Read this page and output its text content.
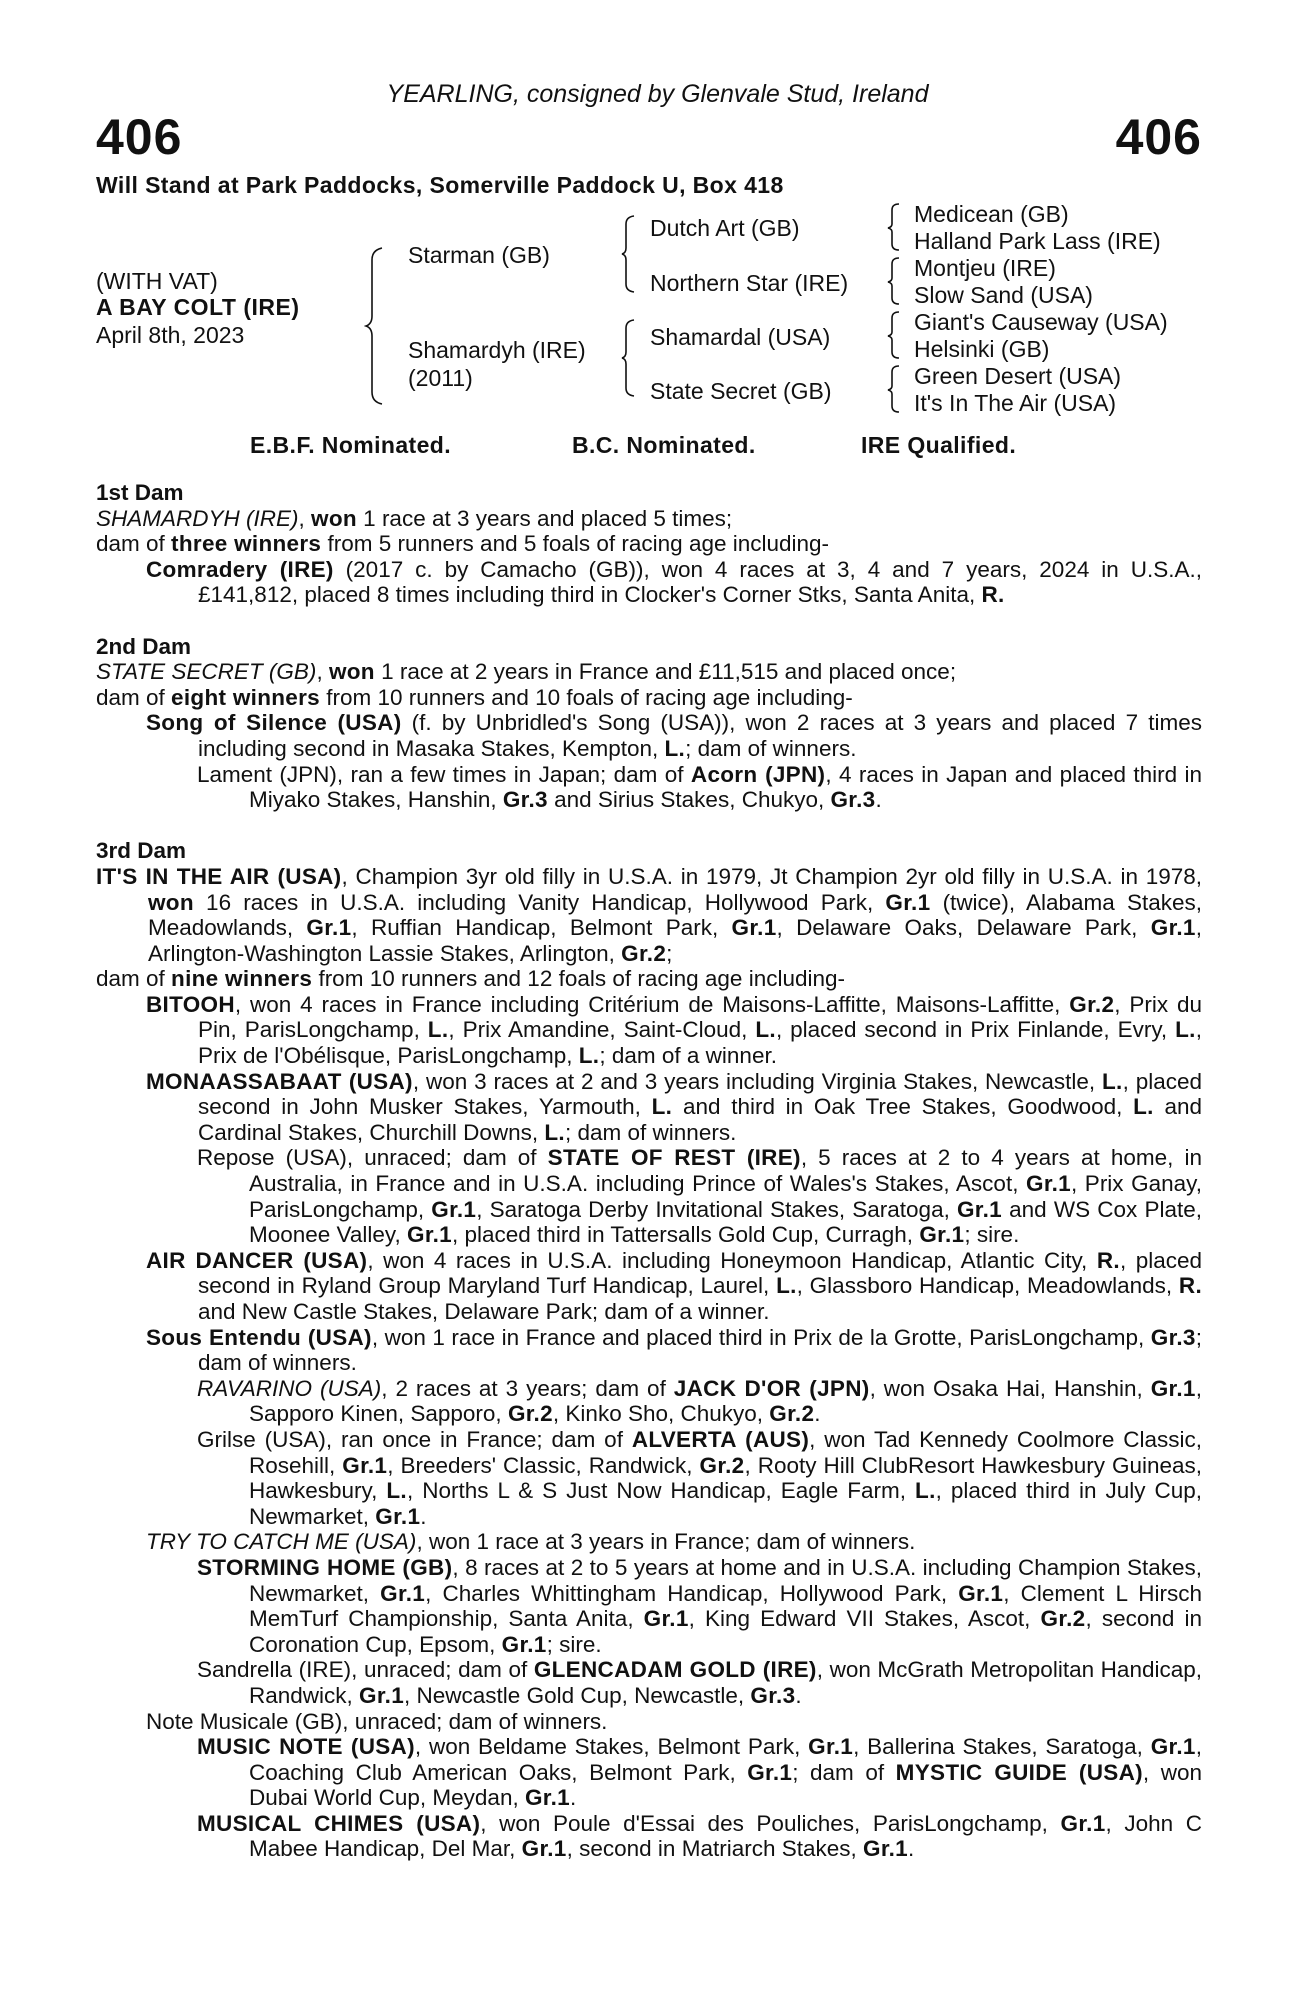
YEARLING, consigned by Glenvale Stud, Ireland
406	406
Will Stand at Park Paddocks, Somerville Paddock U, Box 418
(WITH VAT)
A BAY COLT (IRE)
April 8th, 2023
Starman (GB)
Shamardyh (IRE)
(2011)
Dutch Art (GB)
Northern Star (IRE)
Shamardal (USA)
State Secret (GB)
Medicean (GB)
Halland Park Lass (IRE)
Montjeu (IRE)
Slow Sand (USA)
Giant's Causeway (USA)
Helsinki (GB)
Green Desert (USA)
It's In The Air (USA)
E.B.F. Nominated.	B.C. Nominated.	IRE Qualified.
1st Dam
SHAMARDYH (IRE), won 1 race at 3 years and placed 5 times;
dam of three winners from 5 runners and 5 foals of racing age including-
Comradery (IRE) (2017 c. by Camacho (GB)), won 4 races at 3, 4 and 7 years, 2024 in U.S.A., £141,812, placed 8 times including third in Clocker's Corner Stks, Santa Anita, R.
2nd Dam
STATE SECRET (GB), won 1 race at 2 years in France and £11,515 and placed once;
dam of eight winners from 10 runners and 10 foals of racing age including-
Song of Silence (USA) (f. by Unbridled's Song (USA)), won 2 races at 3 years and placed 7 times including second in Masaka Stakes, Kempton, L.; dam of winners.
Lament (JPN), ran a few times in Japan; dam of Acorn (JPN), 4 races in Japan and placed third in Miyako Stakes, Hanshin, Gr.3 and Sirius Stakes, Chukyo, Gr.3.
3rd Dam
IT'S IN THE AIR (USA), Champion 3yr old filly in U.S.A. in 1979, Jt Champion 2yr old filly in U.S.A. in 1978, won 16 races in U.S.A. including Vanity Handicap, Hollywood Park, Gr.1 (twice), Alabama Stakes, Meadowlands, Gr.1, Ruffian Handicap, Belmont Park, Gr.1, Delaware Oaks, Delaware Park, Gr.1, Arlington-Washington Lassie Stakes, Arlington, Gr.2;
dam of nine winners from 10 runners and 12 foals of racing age including-
BITOOH, won 4 races in France including Critérium de Maisons-Laffitte, Maisons-Laffitte, Gr.2, Prix du Pin, ParisLongchamp, L., Prix Amandine, Saint-Cloud, L., placed second in Prix Finlande, Evry, L., Prix de l'Obélisque, ParisLongchamp, L.; dam of a winner.
MONAASSABAAT (USA), won 3 races at 2 and 3 years including Virginia Stakes, Newcastle, L., placed second in John Musker Stakes, Yarmouth, L. and third in Oak Tree Stakes, Goodwood, L. and Cardinal Stakes, Churchill Downs, L.; dam of winners.
Repose (USA), unraced; dam of STATE OF REST (IRE), 5 races at 2 to 4 years at home, in Australia, in France and in U.S.A. including Prince of Wales's Stakes, Ascot, Gr.1, Prix Ganay, ParisLongchamp, Gr.1, Saratoga Derby Invitational Stakes, Saratoga, Gr.1 and WS Cox Plate, Moonee Valley, Gr.1, placed third in Tattersalls Gold Cup, Curragh, Gr.1; sire.
AIR DANCER (USA), won 4 races in U.S.A. including Honeymoon Handicap, Atlantic City, R., placed second in Ryland Group Maryland Turf Handicap, Laurel, L., Glassboro Handicap, Meadowlands, R. and New Castle Stakes, Delaware Park; dam of a winner.
Sous Entendu (USA), won 1 race in France and placed third in Prix de la Grotte, ParisLongchamp, Gr.3; dam of winners.
RAVARINO (USA), 2 races at 3 years; dam of JACK D'OR (JPN), won Osaka Hai, Hanshin, Gr.1, Sapporo Kinen, Sapporo, Gr.2, Kinko Sho, Chukyo, Gr.2.
Grilse (USA), ran once in France; dam of ALVERTA (AUS), won Tad Kennedy Coolmore Classic, Rosehill, Gr.1, Breeders' Classic, Randwick, Gr.2, Rooty Hill ClubResort Hawkesbury Guineas, Hawkesbury, L., Norths L & S Just Now Handicap, Eagle Farm, L., placed third in July Cup, Newmarket, Gr.1.
TRY TO CATCH ME (USA), won 1 race at 3 years in France; dam of winners.
STORMING HOME (GB), 8 races at 2 to 5 years at home and in U.S.A. including Champion Stakes, Newmarket, Gr.1, Charles Whittingham Handicap, Hollywood Park, Gr.1, Clement L Hirsch MemTurf Championship, Santa Anita, Gr.1, King Edward VII Stakes, Ascot, Gr.2, second in Coronation Cup, Epsom, Gr.1; sire.
Sandrella (IRE), unraced; dam of GLENCADAM GOLD (IRE), won McGrath Metropolitan Handicap, Randwick, Gr.1, Newcastle Gold Cup, Newcastle, Gr.3.
Note Musicale (GB), unraced; dam of winners.
MUSIC NOTE (USA), won Beldame Stakes, Belmont Park, Gr.1, Ballerina Stakes, Saratoga, Gr.1, Coaching Club American Oaks, Belmont Park, Gr.1; dam of MYSTIC GUIDE (USA), won Dubai World Cup, Meydan, Gr.1.
MUSICAL CHIMES (USA), won Poule d'Essai des Pouliches, ParisLongchamp, Gr.1, John C Mabee Handicap, Del Mar, Gr.1, second in Matriarch Stakes, Gr.1.
